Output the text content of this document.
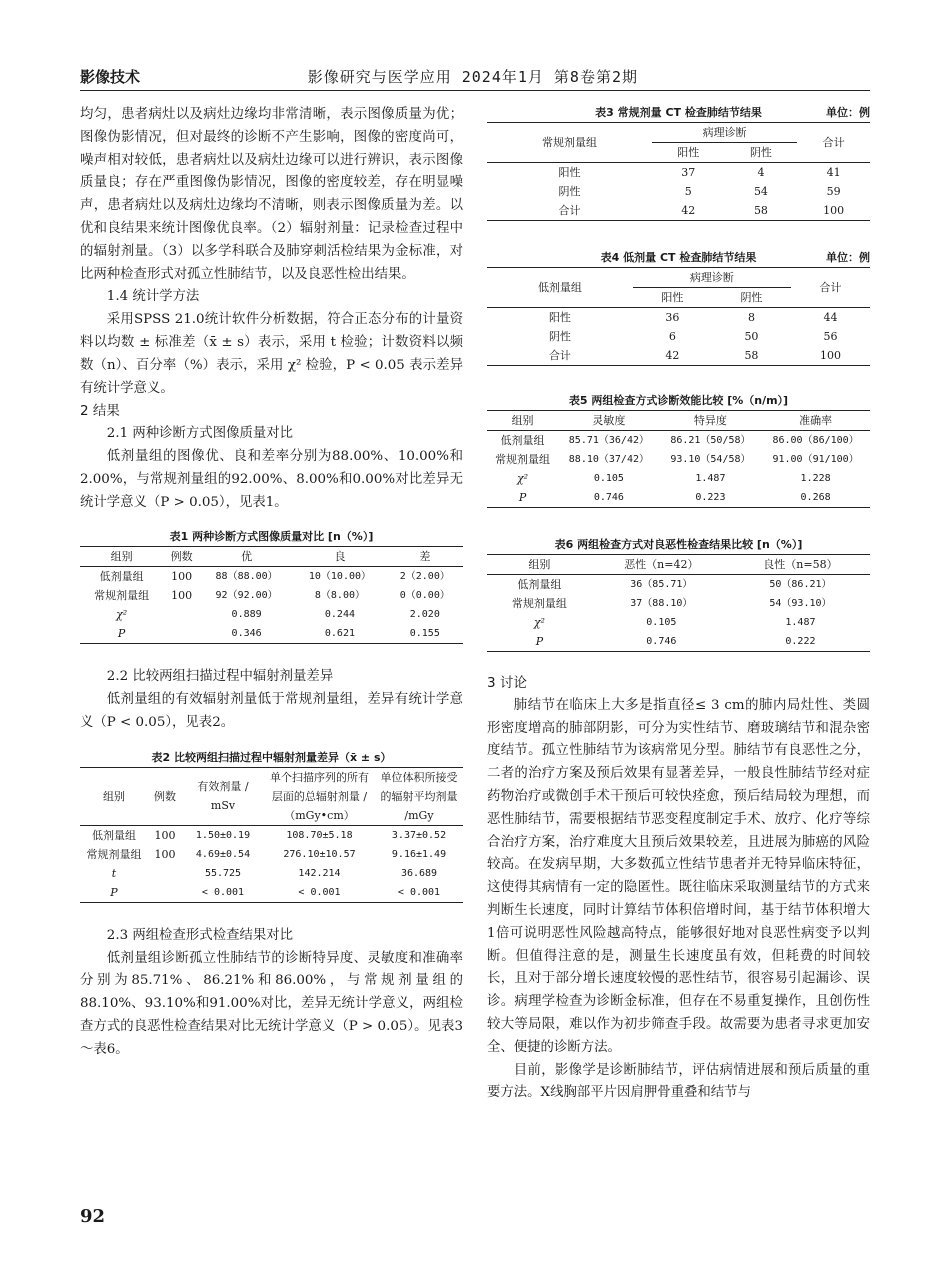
影像技术	影像研究与医学应用 2024年1月 第8卷第2期

均匀，患者病灶以及病灶边缘均非常清晰，表示图像质量为优；图像伪影情况，但对最终的诊断不产生影响，图像的密度尚可，噪声相对较低，患者病灶以及病灶边缘可以进行辨识，表示图像质量良；存在严重图像伪影情况，图像的密度较差，存在明显噪声，患者病灶以及病灶边缘均不清晰，则表示图像质量为差。以优和良结果来统计图像优良率。（2）辐射剂量：记录检查过程中的辐射剂量。（3）以多学科联合及肺穿刺活检结果为金标准，对比两种检查形式对孤立性肺结节，以及良恶性检出结果。

1.4 统计学方法

采用SPSS 21.0统计软件分析数据，符合正态分布的计量资料以均数 ± 标准差（x̄ ± s）表示，采用 t 检验；计数资料以频数（n）、百分率（%）表示，采用 χ² 检验，P < 0.05 表示差异有统计学意义。

2 结果
2.1 两种诊断方式图像质量对比

低剂量组的图像优、良和差率分别为88.00%、10.00%和2.00%，与常规剂量组的92.00%、8.00%和0.00%对比差异无统计学意义（P > 0.05），见表1。

表1 两种诊断方式图像质量对比 [n（%）]
组别	例数	优	良	差
低剂量组	100	88（88.00）	10（10.00）	2（2.00）
常规剂量组	100	92（92.00）	8（8.00）	0（0.00）
χ²		0.889	0.244	2.020
P		0.346	0.621	0.155
2.2 比较两组扫描过程中辐射剂量差异

低剂量组的有效辐射剂量低于常规剂量组，差异有统计学意义（P < 0.05），见表2。

表2 比较两组扫描过程中辐射剂量差异（x̄ ± s）
组别	例数	有效剂量 / mSv	单个扫描序列的所有层面的总辐射剂量 /（mGy•cm）	单位体积所接受的辐射平均剂量 /mGy
低剂量组	100	1.50±0.19	108.70±5.18	3.37±0.52
常规剂量组	100	4.69±0.54	276.10±10.57	9.16±1.49
t		55.725	142.214	36.689
P		< 0.001	< 0.001	< 0.001
2.3 两组检查形式检查结果对比

低剂量组诊断孤立性肺结节的诊断特异度、灵敏度和准确率分别为85.71%、86.21%和86.00%，与常规剂量组的88.10%、93.10%和91.00%对比，差异无统计学意义，两组检查方式的良恶性检查结果对比无统计学意义（P > 0.05）。见表3～表6。

表3 常规剂量 CT 检查肺结节结果	单位：例
常规剂量组	病理诊断		合计
	阳性	阴性	
阳性	37	4	41
阴性	5	54	59
合计	42	58	100
表4 低剂量 CT 检查肺结节结果	单位：例
低剂量组	病理诊断		合计
	阳性	阴性	
阳性	36	8	44
阴性	6	50	56
合计	42	58	100
表5 两组检查方式诊断效能比较 [%（n/m）]
组别	灵敏度	特异度	准确率
低剂量组	85.71（36/42）	86.21（50/58）	86.00（86/100）
常规剂量组	88.10（37/42）	93.10（54/58）	91.00（91/100）
χ²	0.105	1.487	1.228
P	0.746	0.223	0.268
表6 两组检查方式对良恶性检查结果比较 [n（%）]
组别	恶性（n=42）	良性（n=58）
低剂量组	36（85.71）	50（86.21）
常规剂量组	37（88.10）	54（93.10）
χ²	0.105	1.487
P	0.746	0.222
3 讨论

肺结节在临床上大多是指直径≤ 3 cm的肺内局灶性、类圆形密度增高的肺部阴影，可分为实性结节、磨玻璃结节和混杂密度结节。孤立性肺结节为该病常见分型。肺结节有良恶性之分，二者的治疗方案及预后效果有显著差异，一般良性肺结节经对症药物治疗或微创手术干预后可较快痊愈，预后结局较为理想，而恶性肺结节，需要根据结节恶变程度制定手术、放疗、化疗等综合治疗方案，治疗难度大且预后效果较差，且进展为肺癌的风险较高。在发病早期，大多数孤立性结节患者并无特异临床特征，这使得其病情有一定的隐匿性。既往临床采取测量结节的方式来判断生长速度，同时计算结节体积倍增时间，基于结节体积增大1倍可说明恶性风险越高特点，能够很好地对良恶性病变予以判断。但值得注意的是，测量生长速度虽有效，但耗费的时间较长，且对于部分增长速度较慢的恶性结节，很容易引起漏诊、误诊。病理学检查为诊断金标准，但存在不易重复操作，且创伤性较大等局限，难以作为初步筛查手段。故需要为患者寻求更加安全、便捷的诊断方法。

目前，影像学是诊断肺结节，评估病情进展和预后质量的重要方法。X线胸部平片因肩胛骨重叠和结节与

92
